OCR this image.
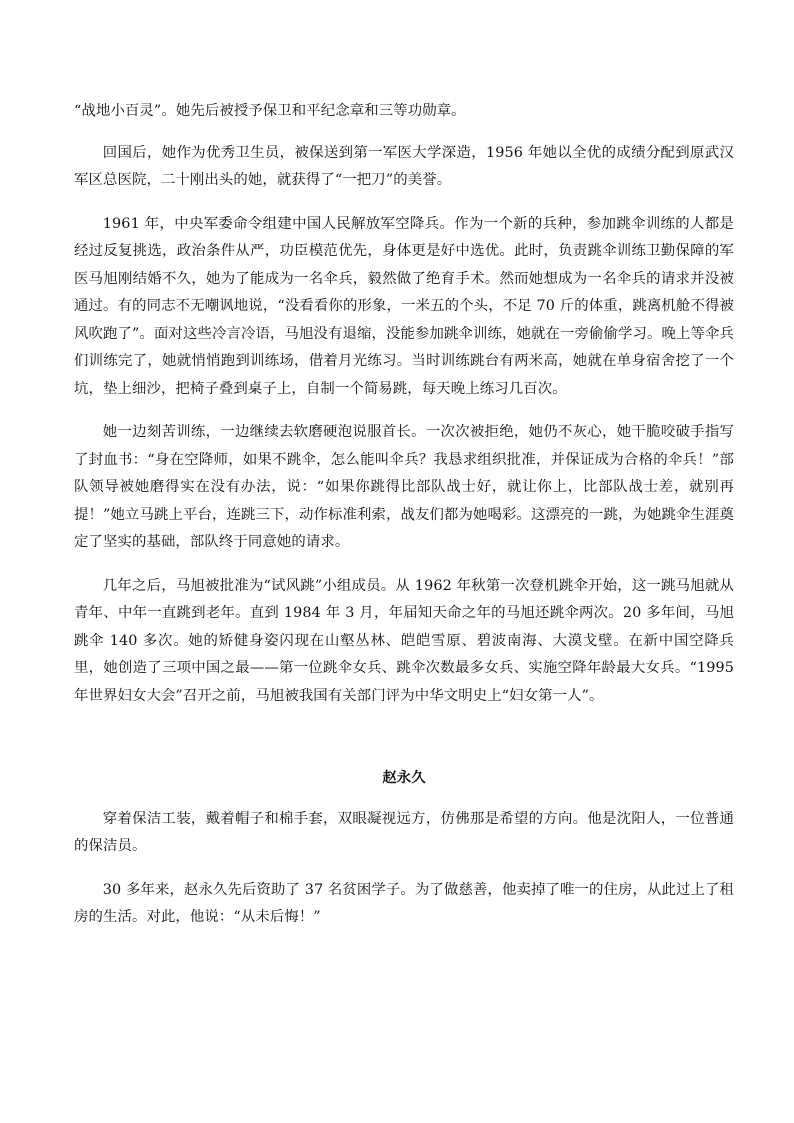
“战地小百灵”。她先后被授予保卫和平纪念章和三等功勋章。

回国后，她作为优秀卫生员，被保送到第一军医大学深造，1956 年她以全优的成绩分配到原武汉军区总医院，二十刚出头的她，就获得了“一把刀”的美誉。

1961 年，中央军委命令组建中国人民解放军空降兵。作为一个新的兵种，参加跳伞训练的人都是经过反复挑选，政治条件从严，功臣模范优先，身体更是好中选优。此时，负责跳伞训练卫勤保障的军医马旭刚结婚不久，她为了能成为一名伞兵，毅然做了绝育手术。然而她想成为一名伞兵的请求并没被通过。有的同志不无嘲讽地说，“没看看你的形象，一米五的个头，不足 70 斤的体重，跳离机舱不得被风吹跑了”。面对这些冷言冷语，马旭没有退缩，没能参加跳伞训练，她就在一旁偷偷学习。晚上等伞兵们训练完了，她就悄悄跑到训练场，借着月光练习。当时训练跳台有两米高，她就在单身宿舍挖了一个坑，垫上细沙，把椅子叠到桌子上，自制一个简易跳，每天晚上练习几百次。

她一边刻苦训练，一边继续去软磨硬泡说服首长。一次次被拒绝，她仍不灰心，她干脆咬破手指写了封血书：“身在空降师，如果不跳伞，怎么能叫伞兵？我恳求组织批准，并保证成为合格的伞兵！”部队领导被她磨得实在没有办法，说：“如果你跳得比部队战士好，就让你上，比部队战士差，就别再提！”她立马跳上平台，连跳三下，动作标准利索，战友们都为她喝彩。这漂亮的一跳，为她跳伞生涯奠定了坚实的基础，部队终于同意她的请求。

几年之后，马旭被批准为“试风跳”小组成员。从 1962 年秋第一次登机跳伞开始，这一跳马旭就从青年、中年一直跳到老年。直到 1984 年 3 月，年届知天命之年的马旭还跳伞两次。20 多年间，马旭跳伞 140 多次。她的矫健身姿闪现在山壑丛林、皑皑雪原、碧波南海、大漠戈壁。在新中国空降兵里，她创造了三项中国之最——第一位跳伞女兵、跳伞次数最多女兵、实施空降年龄最大女兵。“1995 年世界妇女大会”召开之前，马旭被我国有关部门评为中华文明史上“妇女第一人”。

赵永久

穿着保洁工装，戴着帽子和棉手套，双眼凝视远方，仿佛那是希望的方向。他是沈阳人，一位普通的保洁员。

30 多年来，赵永久先后资助了 37 名贫困学子。为了做慈善，他卖掉了唯一的住房，从此过上了租房的生活。对此，他说：“从未后悔！”
